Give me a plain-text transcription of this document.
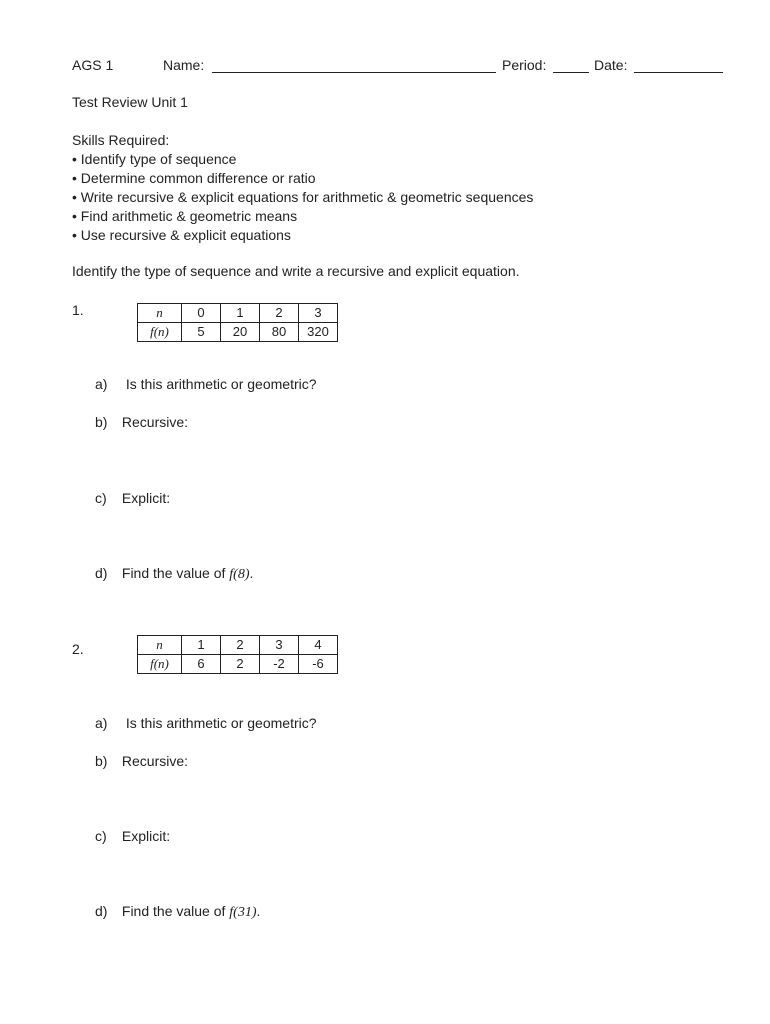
AGS 1	Name:	Period:	Date:
Test Review Unit 1
Skills Required:
• Identify type of sequence
• Determine common difference or ratio
• Write recursive & explicit equations for arithmetic & geometric sequences
• Find arithmetic & geometric means
• Use recursive & explicit equations
Identify the type of sequence and write a recursive and explicit equation.
1.	n	0	1	2	3
f(n)	5	20	80	320
a) Is this arithmetic or geometric?
b) Recursive:
c) Explicit:
d) Find the value of f(8).
2.	n	1	2	3	4
f(n)	6	2	-2	-6
a) Is this arithmetic or geometric?
b) Recursive:
c) Explicit:
d) Find the value of f(31).
